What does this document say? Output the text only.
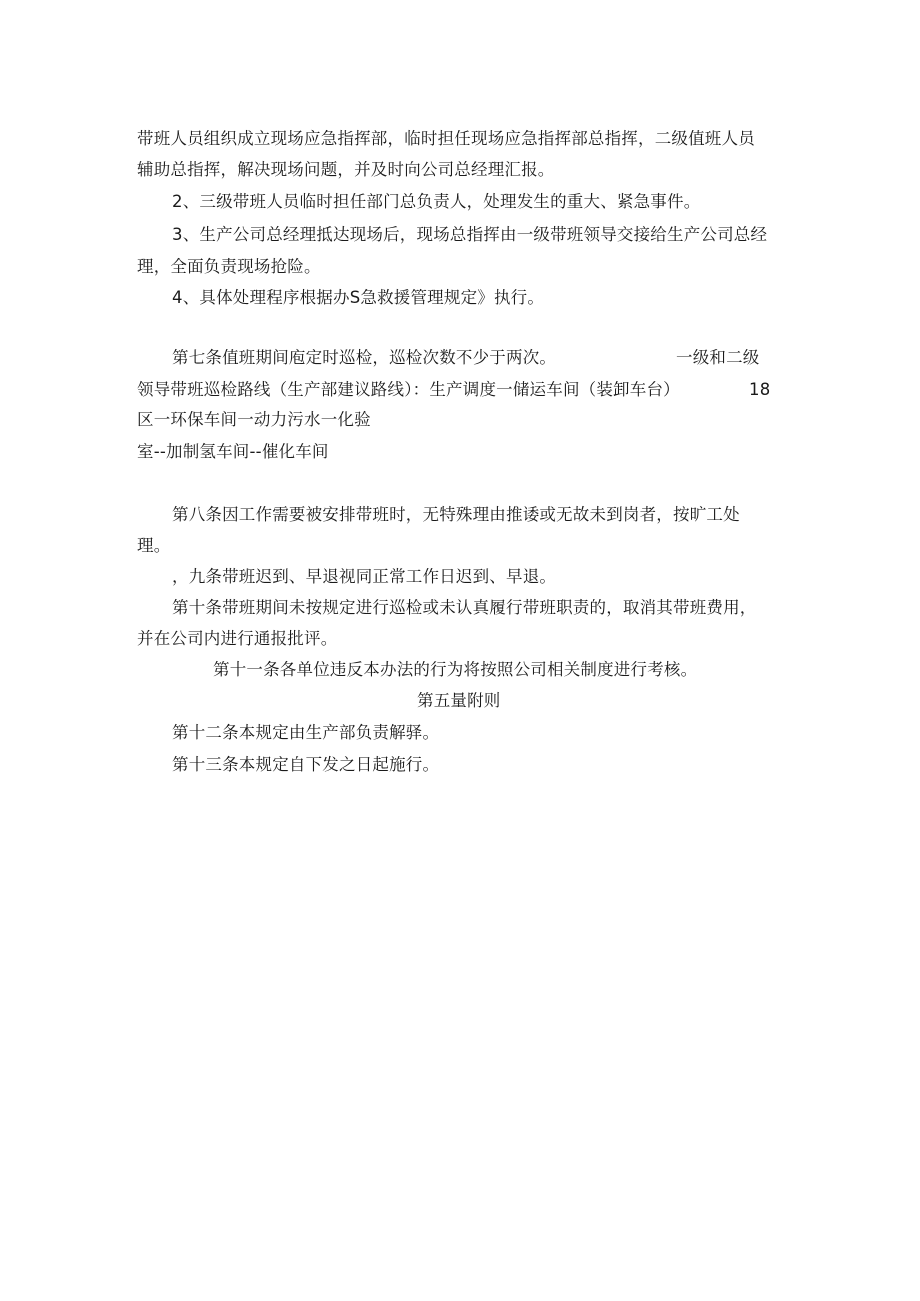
带班人员组织成立现场应急指挥部，临时担任现场应急指挥部总指挥，二级值班人员
辅助总指挥，解决现场问题，并及时向公司总经理汇报。
2、三级带班人员临时担任部门总负责人，处理发生的重大、紧急事件。
3、生产公司总经理抵达现场后，现场总指挥由一级带班领导交接给生产公司总经
理，全面负责现场抢险。
4、具体处理程序根据办S急救援管理规定》执行。
第七条值班期间庖定时巡检，巡检次数不少于两次。	一级和二级
领导带班巡检路线（生产部建议路线）：生产调度一储运车间（装卸车台）	18
区一环保车间一动力污水一化验
室--加制氢车间--催化车间
第八条因工作需要被安排带班时，无特殊理由推诿或无故未到岗者，按旷工处
理。
，九条带班迟到、早退视同正常工作日迟到、早退。
第十条带班期间未按规定进行巡检或未认真履行带班职责的，取消其带班费用，
并在公司内进行通报批评。
第十一条各单位违反本办法的行为将按照公司相关制度进行考核。
第五量附则
第十二条本规定由生产部负责解驿。
第十三条本规定自下发之日起施行。
